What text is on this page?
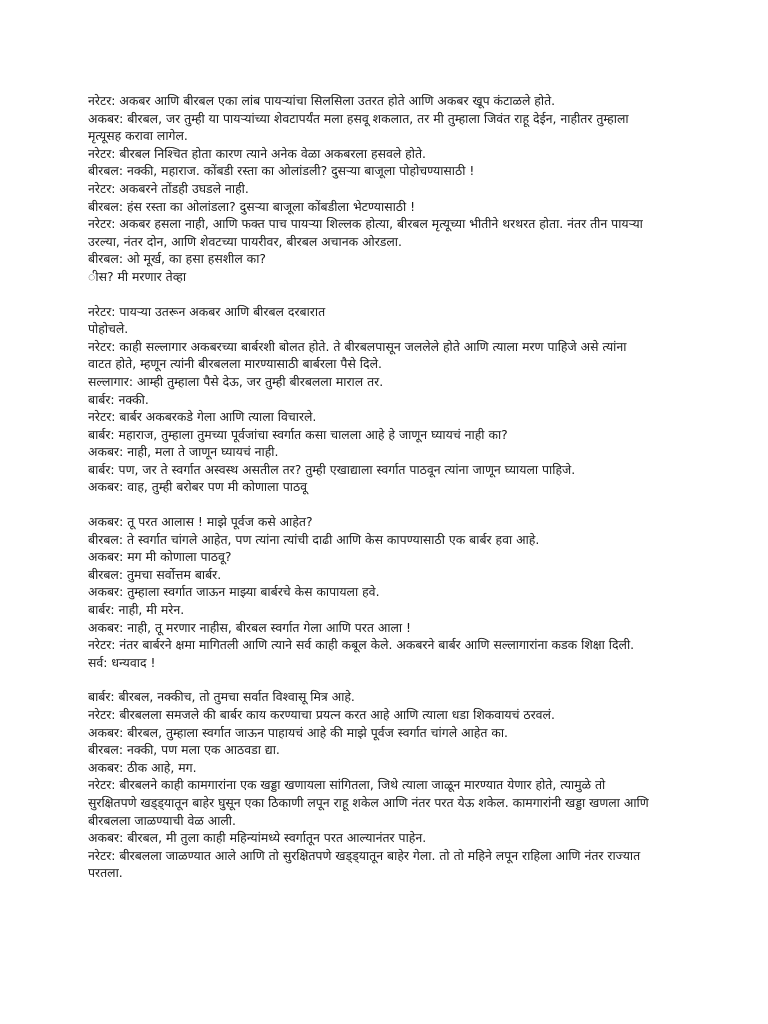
नरेटर: अकबर आणि बीरबल एका लांब पायऱ्यांचा सिलसिला उतरत होते आणि अकबर खूप कंटाळले होते.
अकबर: बीरबल, जर तुम्ही या पायऱ्यांच्या शेवटापर्यंत मला हसवू शकलात, तर मी तुम्हाला जिवंत राहू देईन, नाहीतर तुम्हाला
मृत्यूसह करावा लागेल.
नरेटर: बीरबल निश्चित होता कारण त्याने अनेक वेळा अकबरला हसवले होते.
बीरबल: नक्की, महाराज. कोंबडी रस्ता का ओलांडली? दुसऱ्या बाजूला पोहोचण्यासाठी !
नरेटर: अकबरने तोंडही उघडले नाही.
बीरबल: हंस रस्ता का ओलांडला? दुसऱ्या बाजूला कोंबडीला भेटण्यासाठी !
नरेटर: अकबर हसला नाही, आणि फक्त पाच पायऱ्या शिल्लक होत्या, बीरबल मृत्यूच्या भीतीने थरथरत होता. नंतर तीन पायऱ्या
उरल्या, नंतर दोन, आणि शेवटच्या पायरीवर, बीरबल अचानक ओरडला.
बीरबल: ओ मूर्ख, का हसा हसशील का?
ीस? मी मरणार तेव्हा
नरेटर: पायऱ्या उतरून अकबर आणि बीरबल दरबारात
पोहोचले.
नरेटर: काही सल्लागार अकबरच्या बार्बरशी बोलत होते. ते बीरबलपासून जललेले होते आणि त्याला मरण पाहिजे असे त्यांना
वाटत होते, म्हणून त्यांनी बीरबलला मारण्यासाठी बार्बरला पैसे दिले.
सल्लागार: आम्ही तुम्हाला पैसे देऊ, जर तुम्ही बीरबलला माराल तर.
बार्बर: नक्की.
नरेटर: बार्बर अकबरकडे गेला आणि त्याला विचारले.
बार्बर: महाराज, तुम्हाला तुमच्या पूर्वजांचा स्वर्गात कसा चालला आहे हे जाणून घ्यायचं नाही का?
अकबर: नाही, मला ते जाणून घ्यायचं नाही.
बार्बर: पण, जर ते स्वर्गात अस्वस्थ असतील तर? तुम्ही एखाद्याला स्वर्गात पाठवून त्यांना जाणून घ्यायला पाहिजे.
अकबर: वाह, तुम्ही बरोबर पण मी कोणाला पाठवू
अकबर: तू परत आलास ! माझे पूर्वज कसे आहेत?
बीरबल: ते स्वर्गात चांगले आहेत, पण त्यांना त्यांची दाढी आणि केस कापण्यासाठी एक बार्बर हवा आहे.
अकबर: मग मी कोणाला पाठवू?
बीरबल: तुमचा सर्वोत्तम बार्बर.
अकबर: तुम्हाला स्वर्गात जाऊन माझ्या बार्बरचे केस कापायला हवे.
बार्बर: नाही, मी मरेन.
अकबर: नाही, तू मरणार नाहीस, बीरबल स्वर्गात गेला आणि परत आला !
नरेटर: नंतर बार्बरने क्षमा मागितली आणि त्याने सर्व काही कबूल केले. अकबरने बार्बर आणि सल्लागारांना कडक शिक्षा दिली.
सर्व: धन्यवाद !
बार्बर: बीरबल, नक्कीच, तो तुमचा सर्वात विश्वासू मित्र आहे.
नरेटर: बीरबलला समजले की बार्बर काय करण्याचा प्रयत्न करत आहे आणि त्याला धडा शिकवायचं ठरवलं.
अकबर: बीरबल, तुम्हाला स्वर्गात जाऊन पाहायचं आहे की माझे पूर्वज स्वर्गात चांगले आहेत का.
बीरबल: नक्की, पण मला एक आठवडा द्या.
अकबर: ठीक आहे, मग.
नरेटर: बीरबलने काही कामगारांना एक खड्डा खणायला सांगितला, जिथे त्याला जाळून मारण्यात येणार होते, त्यामुळे तो
सुरक्षितपणे खड्ड्यातून बाहेर घुसून एका ठिकाणी लपून राहू शकेल आणि नंतर परत येऊ शकेल. कामगारांनी खड्डा खणला आणि
बीरबलला जाळण्याची वेळ आली.
अकबर: बीरबल, मी तुला काही महिन्यांमध्ये स्वर्गातून परत आल्यानंतर पाहेन.
नरेटर: बीरबलला जाळण्यात आले आणि तो सुरक्षितपणे खड्ड्यातून बाहेर गेला. तो तो महिने लपून राहिला आणि नंतर राज्यात
परतला.
